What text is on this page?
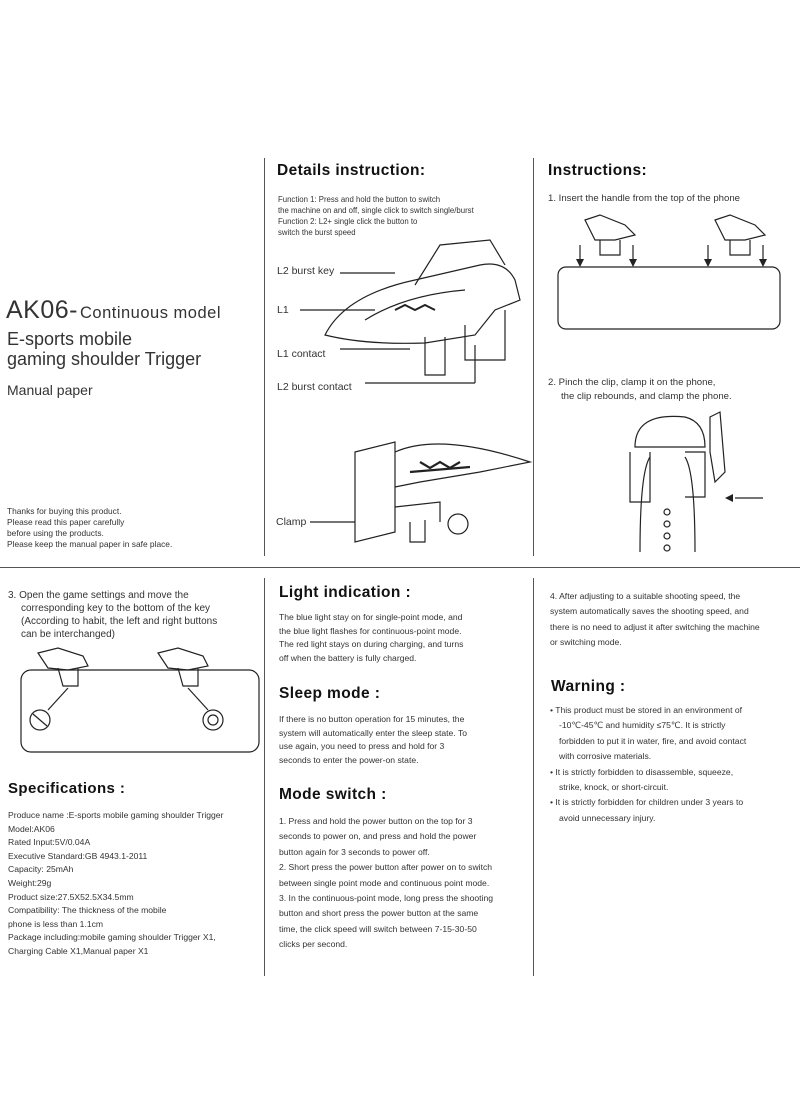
AK06- Continuous model

E-sports mobile

gaming shoulder Trigger

Manual paper

Thanks for buying this product.
Please read this paper carefully
before using the products.
Please keep the manual paper in safe place.

Details instruction:

Function 1: Press and hold the button to switch
the machine on and off, single click to switch single/burst
Function 2: L2+ single click the button to
switch the burst speed

L2 burst key

L1

L1 contact

L2 burst contact

Clamp

Instructions:

1. Insert the handle from the top of the phone

2. Pinch the clip, clamp it on the phone,

the clip rebounds, and clamp the phone.

3. Open the game settings and move the
corresponding key to the bottom of the key
(According to habit, the left and right buttons
can be interchanged)

Specifications :

Produce name :E-sports mobile gaming shoulder Trigger
Model:AK06
Rated Input:5V/0.04A
Executive Standard:GB 4943.1-2011
Capacity: 25mAh
Weight:29g
Product size:27.5X52.5X34.5mm
Compatibility: The thickness of the mobile
phone is less than 1.1cm
Package including:mobile gaming shoulder Trigger X1,
Charging Cable X1,Manual paper X1

Light indication :

The blue light stay on for single-point mode, and
the blue light flashes for continuous-point mode.
The red light stays on during charging, and turns
off when the battery is fully charged.

Sleep mode :

If there is no button operation for 15 minutes, the
system will automatically enter the sleep state. To
use again, you need to press and hold for 3
seconds to enter the power-on state.

Mode switch :

1. Press and hold the power button on the top for 3
seconds to power on, and press and hold the power
button again for 3 seconds to power off.
2. Short press the power button after power on to switch
between single point mode and continuous point mode.
3. In the continuous-point mode, long press the shooting
button and short press the power button at the same
time, the click speed will switch between 7-15-30-50
clicks per second.
4. After adjusting to a suitable shooting speed, the
system automatically saves the shooting speed, and
there is no need to adjust it after switching the machine
or switching mode.

Warning :

• This product must be stored in an environment of
-10℃-45℃ and humidity ≤75℃. It is strictly
forbidden to put it in water, fire, and avoid contact
with corrosive materials.
• It is strictly forbidden to disassemble, squeeze,
strike, knock, or short-circuit.
• It is strictly forbidden for children under 3 years to
avoid unnecessary injury.
